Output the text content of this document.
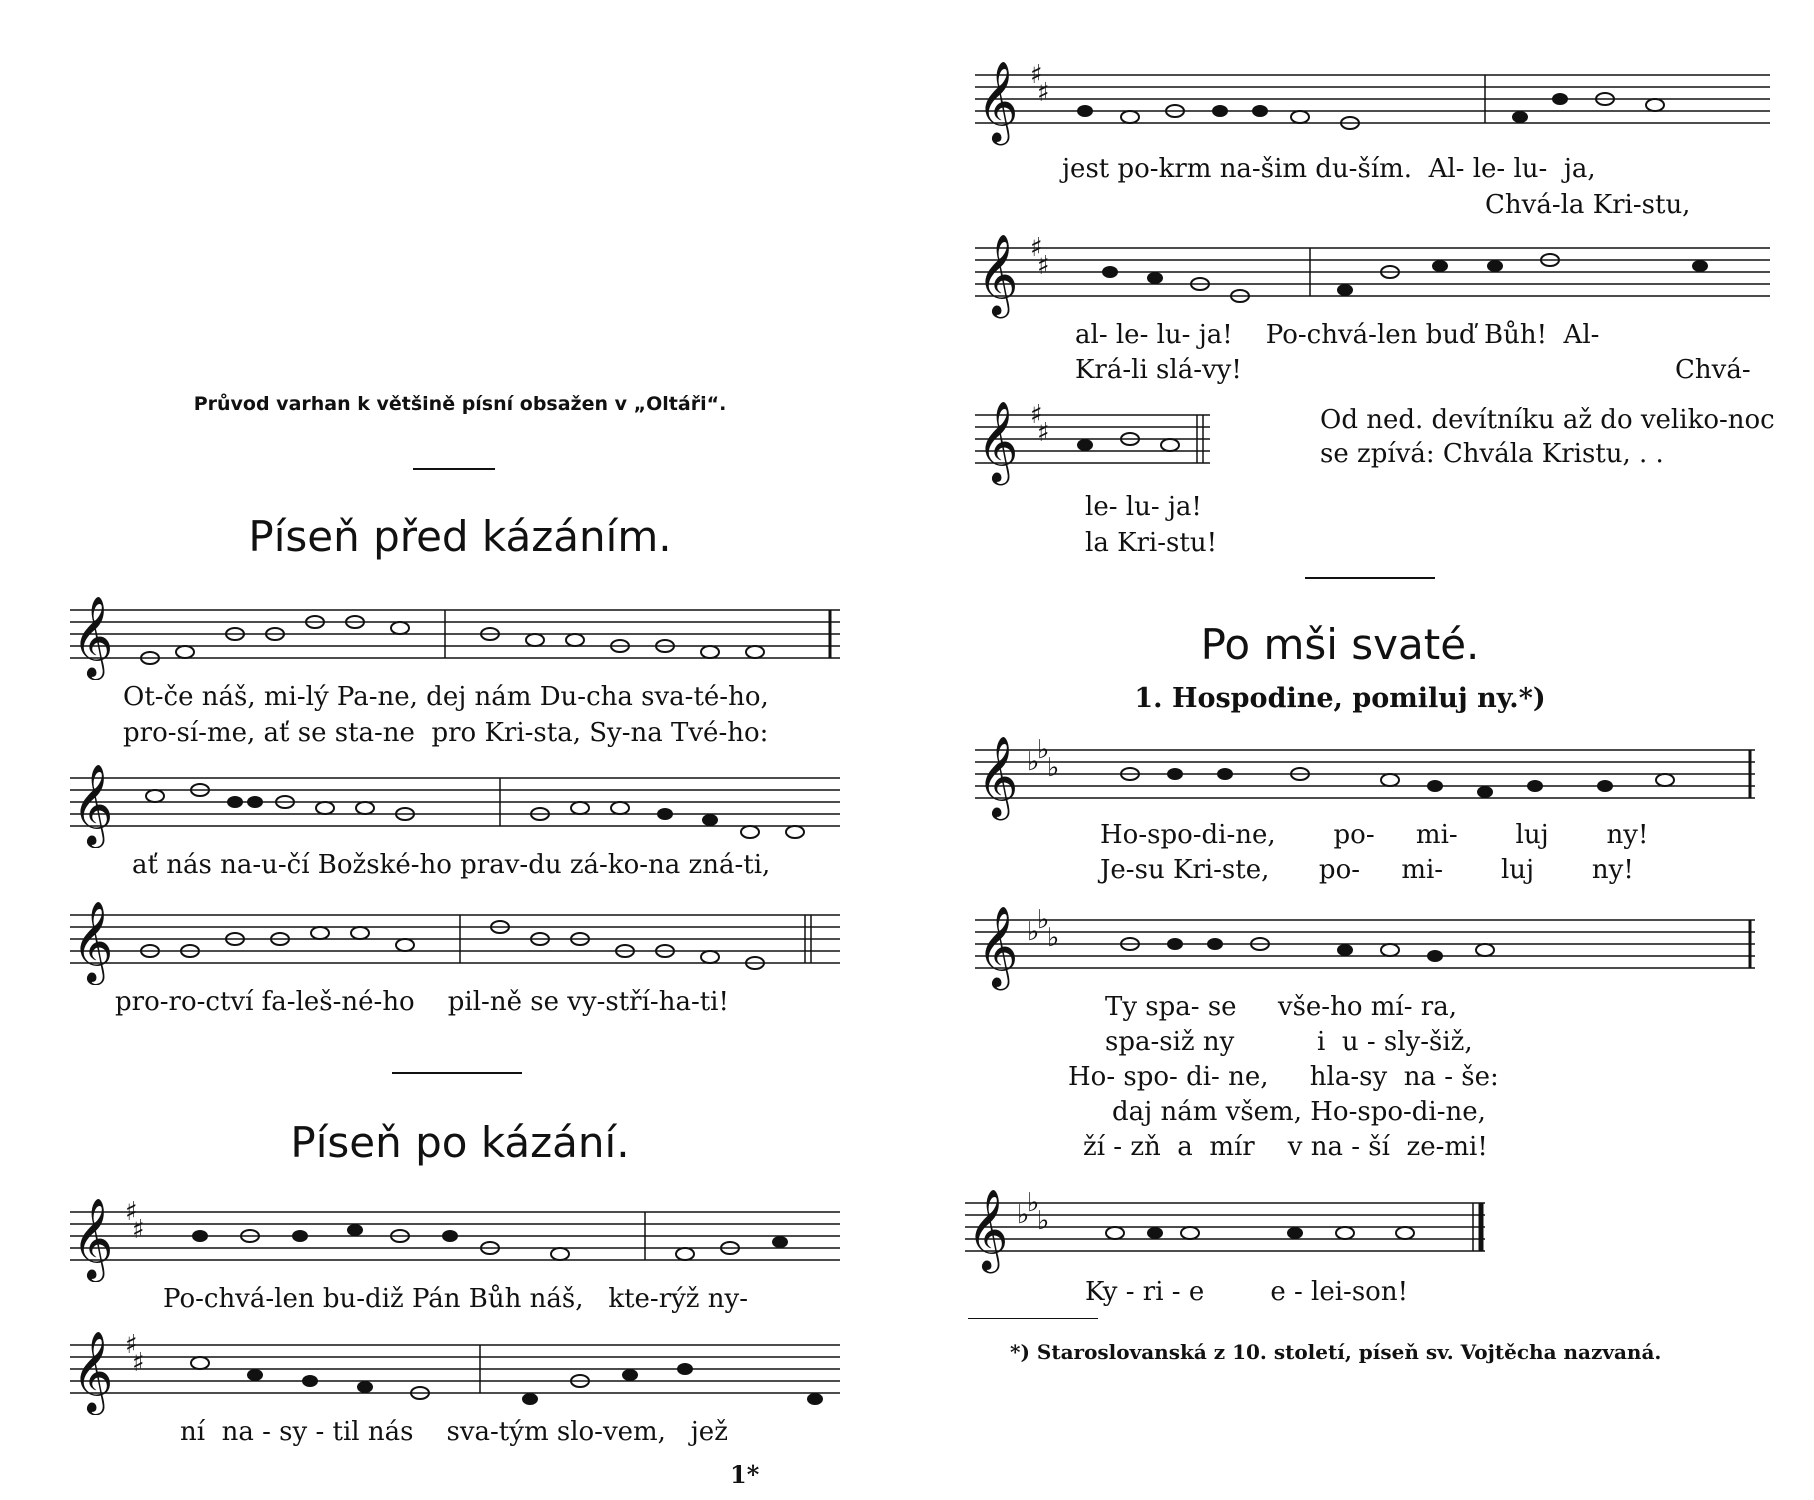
Průvod varhan k většině písní obsažen v „Oltáři“.
Píseň před kázáním.
𝄞
Ot-če náš, mi-lý Pa-ne, dej nám Du-cha sva-té-ho,
pro-sí-me, ať se sta-ne  pro Kri-sta, Sy-na Tvé-ho:
𝄞
ať nás na-u-čí Božské-ho prav-du zá-ko-na zná-ti,
𝄞
pro-ro-ctví fa-leš-né-ho    pil-ně se vy-stří-ha-ti!
Píseň po kázání.
𝄞 ♯
♯
Po-chvá-len bu-diž Pán Bůh náš,   kte-rýž ny-
𝄞 ♯
♯
ní  na - sy - til nás    sva-tým slo-vem,   jež
1*
𝄞 ♯
♯
jest po-krm na-šim du-ším.  Al- le- lu-  ja,
Chvá-la Kri-stu,
𝄞 ♯
♯
al- le- lu- ja!    Po-chvá-len buď Bůh!  Al-
Krá-li slá-vy!	Chvá-
𝄞 ♯
♯	Od ned. devítníku až do veliko-noc se zpívá: Chvála Kristu, . .
le- lu- ja!
la Kri-stu!
Po mši svaté.
1. Hospodine, pomiluj ny.*)
𝄞 ♭
♭
♭
Ho-spo-di-ne,       po-     mi-       luj       ny!
Je-su Kri-ste,      po-     mi-       luj       ny!
𝄞 ♭
♭
♭
Ty spa- se     vše-ho mí- ra,
spa-siž ny          i  u - sly-šiž,
Ho- spo- di- ne,     hla-sy  na - še:
daj nám všem, Ho-spo-di-ne,
ží - zň  a  mír    v na - ší  ze-mi!
𝄞 ♭
♭
♭
Ky - ri - e        e - lei-son!
*) Staroslovanská z 10. století, píseň sv. Vojtěcha nazvaná.
